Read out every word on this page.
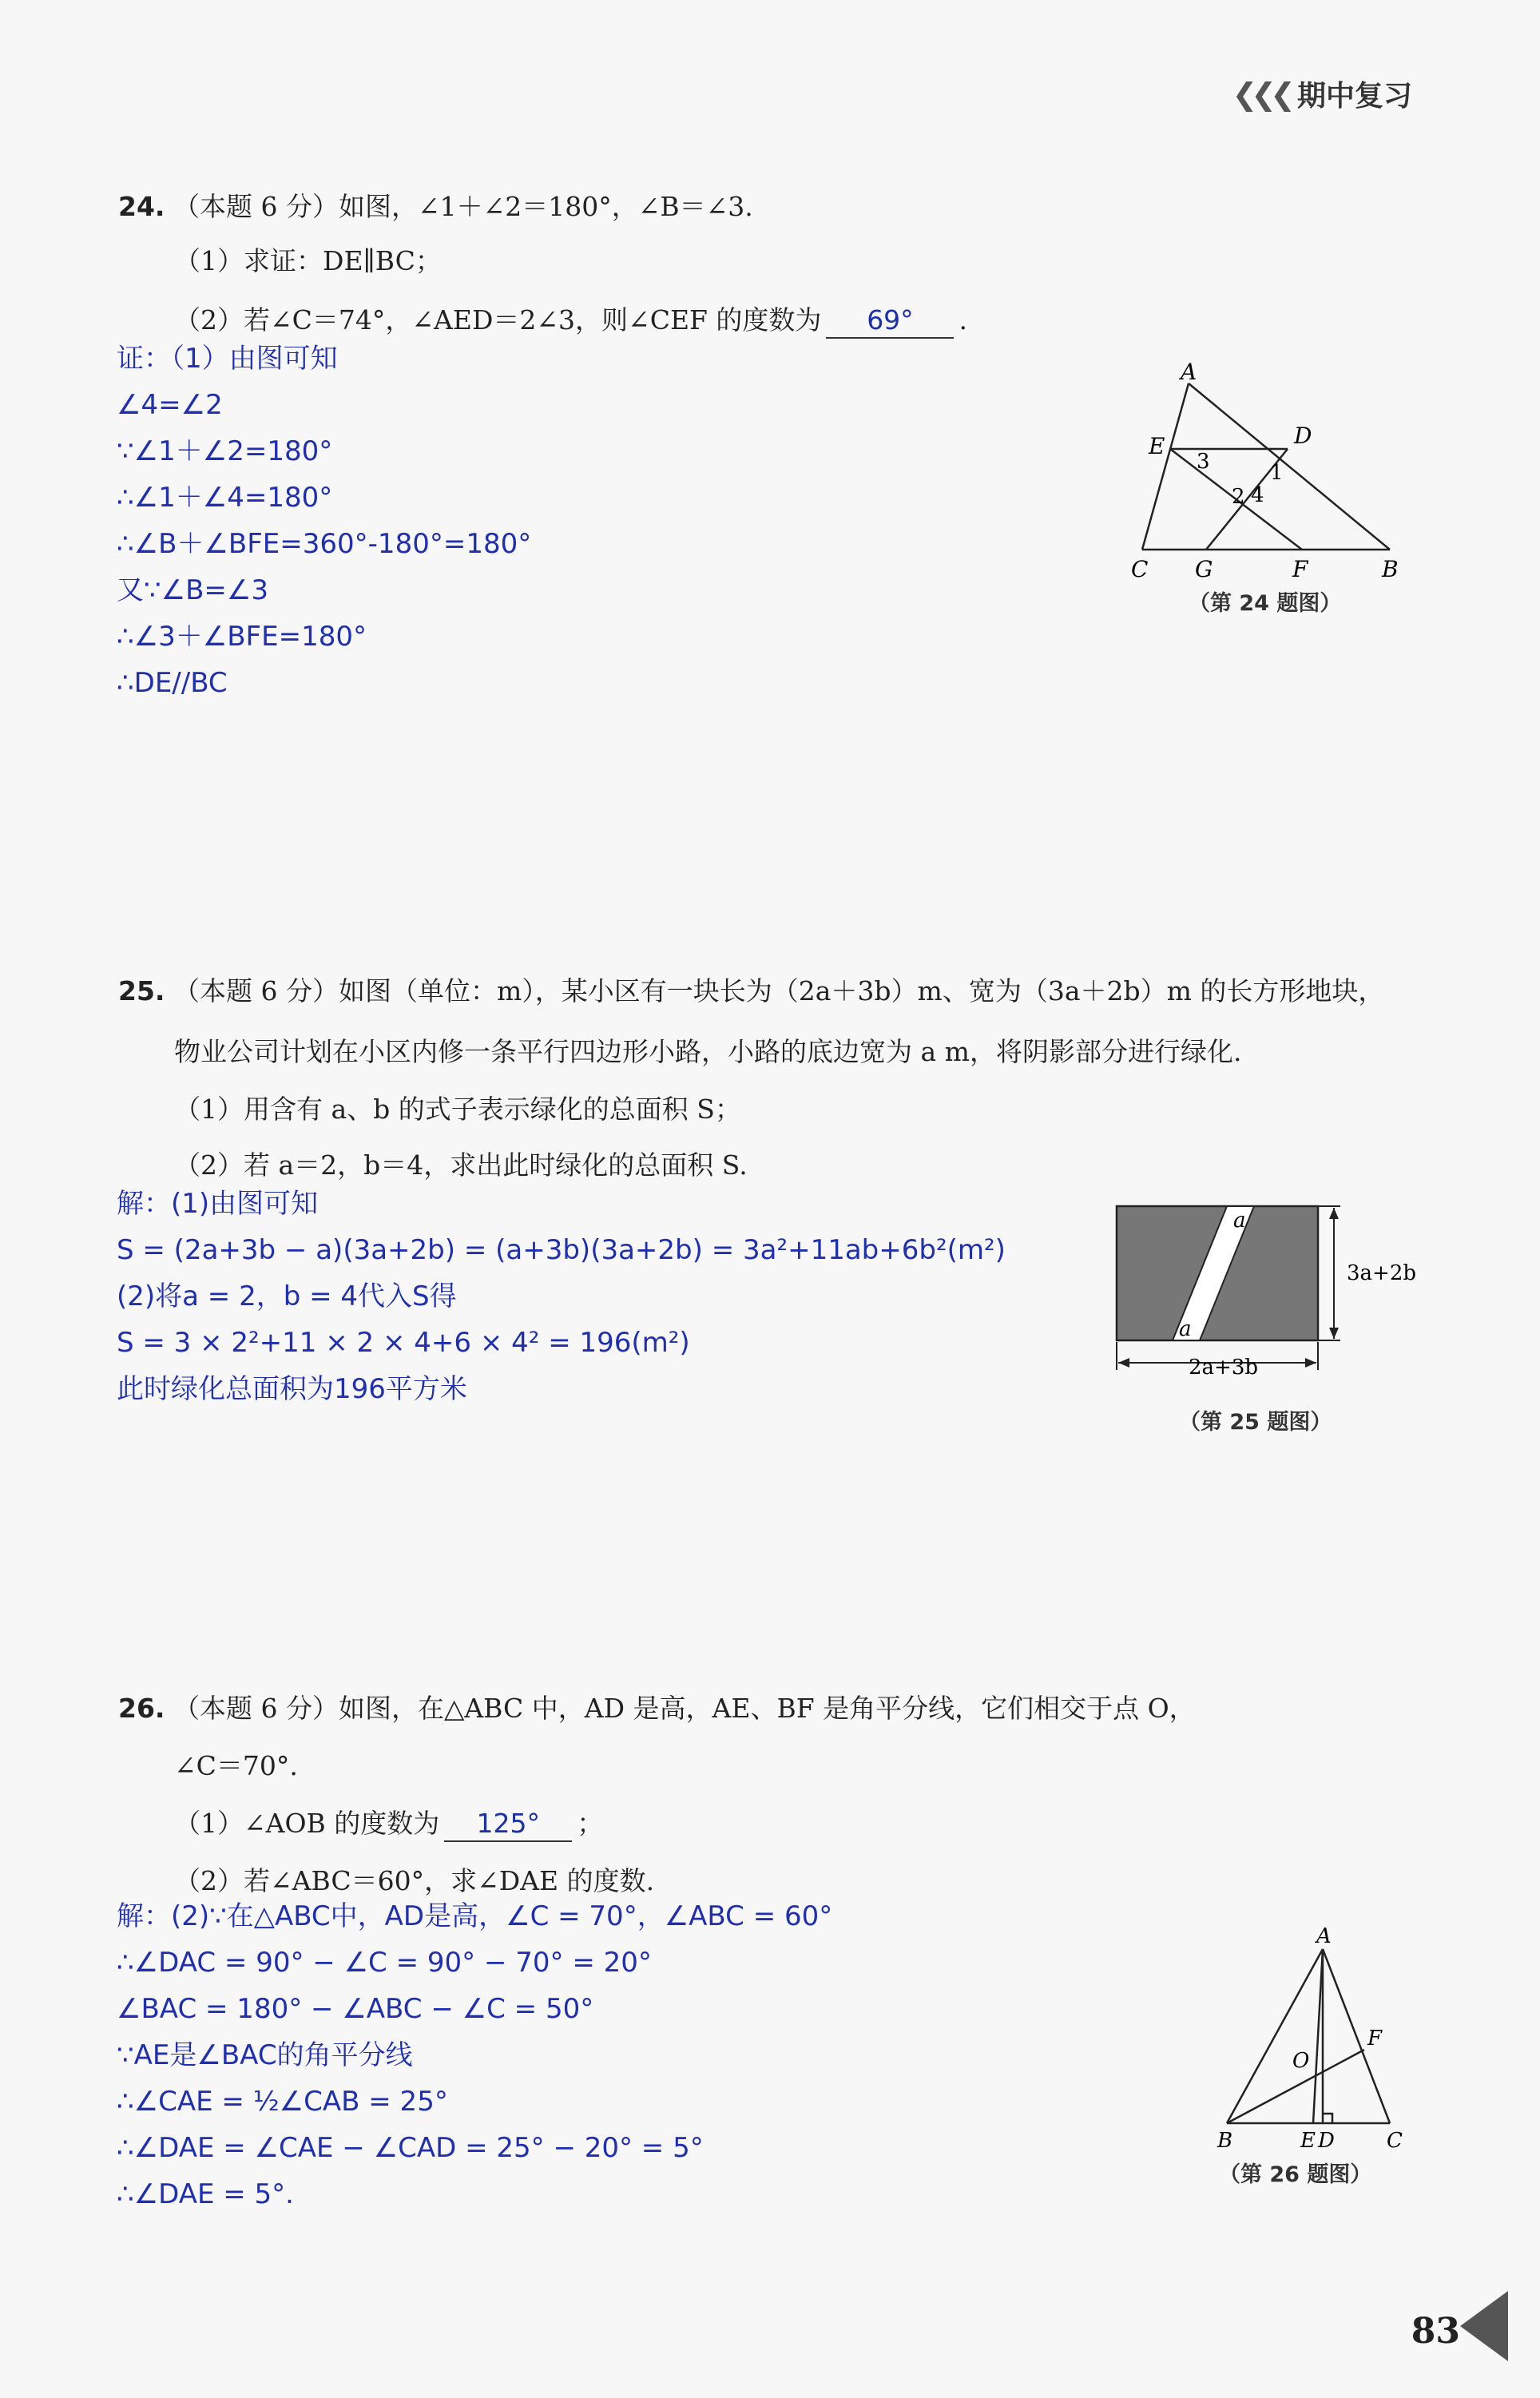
❮❮❮ 期中复习
24. （本题 6 分）如图，∠1＋∠2＝180°，∠B＝∠3.
（1）求证：DE∥BC；
（2）若∠C＝74°，∠AED＝2∠3，则∠CEF 的度数为 69° .
证：（1）由图可知
∠4=∠2
∵∠1＋∠2=180°
∴∠1＋∠4=180°
∴∠B＋∠BFE=360°-180°=180°
又∵∠B=∠3
∴∠3＋∠BFE=180°
∴DE//BC
A
D
E
3	1
2 4
C G	F	B
（第 24 题图）
25. （本题 6 分）如图（单位：m），某小区有一块长为（2a＋3b）m、宽为（3a＋2b）m 的长方形地块，
物业公司计划在小区内修一条平行四边形小路，小路的底边宽为 a m，将阴影部分进行绿化.
（1）用含有 a、b 的式子表示绿化的总面积 S；
（2）若 a＝2，b＝4，求出此时绿化的总面积 S.
解：(1)由图可知
S = (2a+3b − a)(3a+2b) = (a+3b)(3a+2b) = 3a²+11ab+6b²(m²)
(2)将a = 2，b = 4代入S得
S = 3 × 2²+11 × 2 × 4+6 × 4² = 196(m²)
此时绿化总面积为196平方米
a
a
3a+2b
2a+3b
（第 25 题图）
26. （本题 6 分）如图，在△ABC 中，AD 是高，AE、BF 是角平分线，它们相交于点 O，
∠C＝70°.
（1）∠AOB 的度数为 125° ；
（2）若∠ABC＝60°，求∠DAE 的度数.
解：(2)∵在△ABC中，AD是高，∠C = 70°，∠ABC = 60°
∴∠DAC = 90° − ∠C = 90° − 70° = 20°
∠BAC = 180° − ∠ABC − ∠C = 50°
∵AE是∠BAC的角平分线
∴∠CAE = ½∠CAB = 25°
∴∠DAE = ∠CAE − ∠CAD = 25° − 20° = 5°
∴∠DAE = 5°.
A
O
F
B	E D	C
（第 26 题图）
83
